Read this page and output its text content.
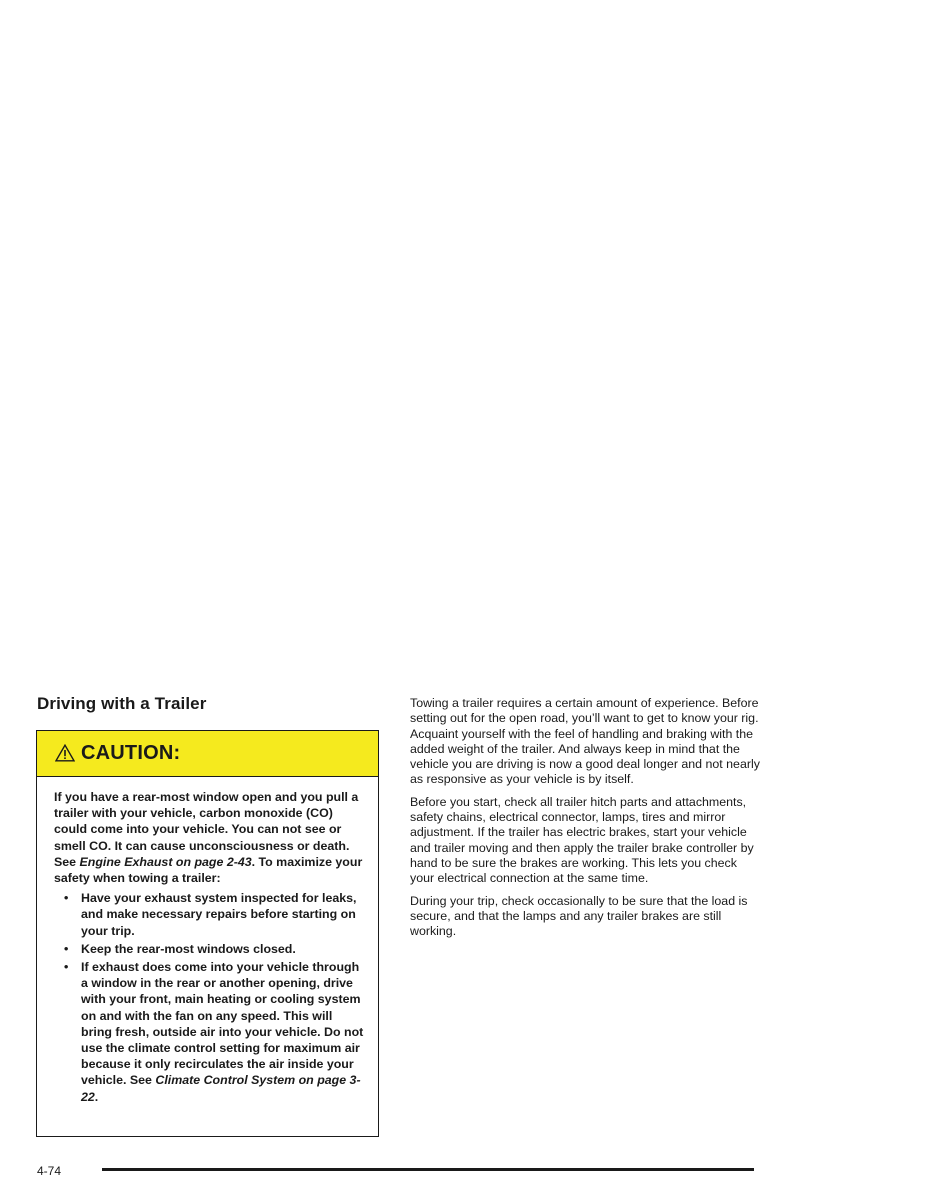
Driving with a Trailer
CAUTION:

If you have a rear-most window open and you pull a trailer with your vehicle, carbon monoxide (CO) could come into your vehicle. You can not see or smell CO. It can cause unconsciousness or death. See Engine Exhaust on page 2-43. To maximize your safety when towing a trailer:

• Have your exhaust system inspected for leaks, and make necessary repairs before starting on your trip.
• Keep the rear-most windows closed.
• If exhaust does come into your vehicle through a window in the rear or another opening, drive with your front, main heating or cooling system on and with the fan on any speed. This will bring fresh, outside air into your vehicle. Do not use the climate control setting for maximum air because it only recirculates the air inside your vehicle. See Climate Control System on page 3-22.

Towing a trailer requires a certain amount of experience. Before setting out for the open road, you’ll want to get to know your rig. Acquaint yourself with the feel of handling and braking with the added weight of the trailer. And always keep in mind that the vehicle you are driving is now a good deal longer and not nearly as responsive as your vehicle is by itself.

Before you start, check all trailer hitch parts and attachments, safety chains, electrical connector, lamps, tires and mirror adjustment. If the trailer has electric brakes, start your vehicle and trailer moving and then apply the trailer brake controller by hand to be sure the brakes are working. This lets you check your electrical connection at the same time.

During your trip, check occasionally to be sure that the load is secure, and that the lamps and any trailer brakes are still working.

4-74
